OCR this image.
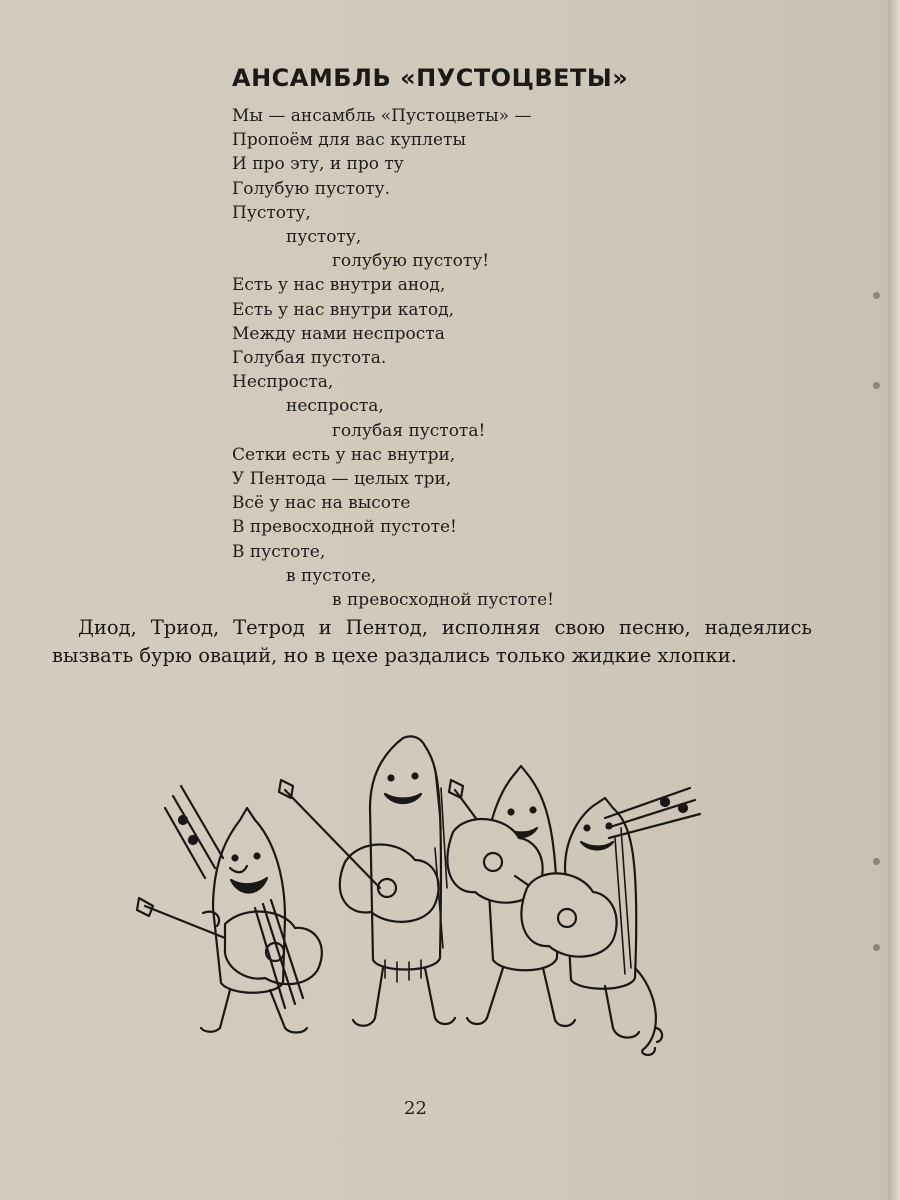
АНСАМБЛЬ «ПУСТОЦВЕТЫ»
Мы — ансамбль «Пустоцветы» —
Пропоём для вас куплеты
И про эту, и про ту
Голубую пустоту.
Пустоту,
пустоту,
голубую пустоту!
Есть у нас внутри анод,
Есть у нас внутри катод,
Между нами неспроста
Голубая пустота.
Неспроста,
неспроста,
голубая пустота!
Сетки есть у нас внутри,
У Пентода — целых три,
Всё у нас на высоте
В превосходной пустоте!
В пустоте,
в пустоте,
в превосходной пустоте!

Диод, Триод, Тетрод и Пентод, исполняя свою песню, надеялись вызвать бурю оваций, но в цехе раздались только жидкие хлопки.

22
